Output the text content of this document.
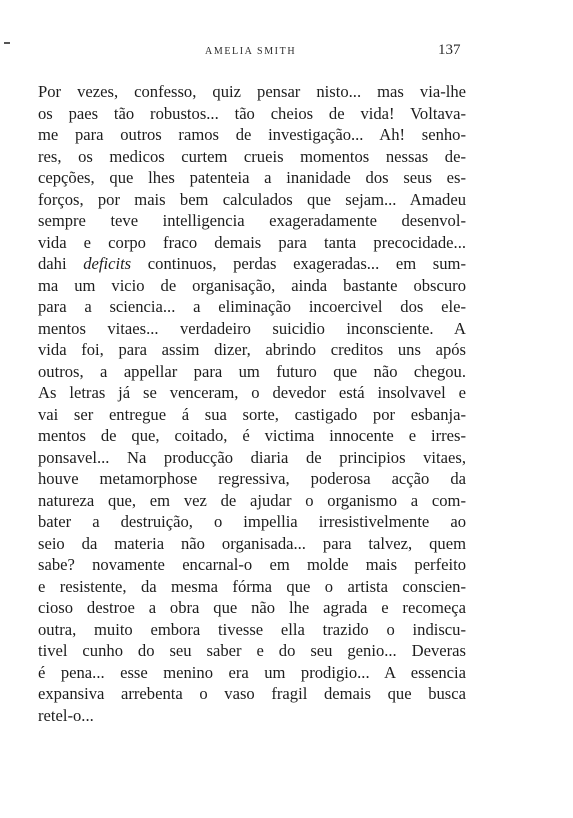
AMELIA SMITH	137
Por vezes, confesso, quiz pensar nisto... mas via-lhe
os paes tão robustos... tão cheios de vida! Voltava-
me para outros ramos de investigação... Ah! senho-
res, os medicos curtem crueis momentos nessas de-
cepções, que lhes patenteia a inanidade dos seus es-
forços, por mais bem calculados que sejam... Amadeu
sempre teve intelligencia exageradamente desenvol-
vida e corpo fraco demais para tanta precocidade...
dahi deficits continuos, perdas exageradas... em sum-
ma um vicio de organisação, ainda bastante obscuro
para a sciencia... a eliminação incoercivel dos ele-
mentos vitaes... verdadeiro suicidio inconsciente. A
vida foi, para assim dizer, abrindo creditos uns após
outros, a appellar para um futuro que não chegou.
As letras já se venceram, o devedor está insolvavel e
vai ser entregue á sua sorte, castigado por esbanja-
mentos de que, coitado, é victima innocente e irres-
ponsavel... Na producção diaria de principios vitaes,
houve metamorphose regressiva, poderosa acção da
natureza que, em vez de ajudar o organismo a com-
bater a destruição, o impellia irresistivelmente ao
seio da materia não organisada... para talvez, quem
sabe? novamente encarnal-o em molde mais perfeito
e resistente, da mesma fórma que o artista conscien-
cioso destroe a obra que não lhe agrada e recomeça
outra, muito embora tivesse ella trazido o indiscu-
tivel cunho do seu saber e do seu genio... Deveras
é pena... esse menino era um prodigio... A essencia
expansiva arrebenta o vaso fragil demais que busca
retel-o...
